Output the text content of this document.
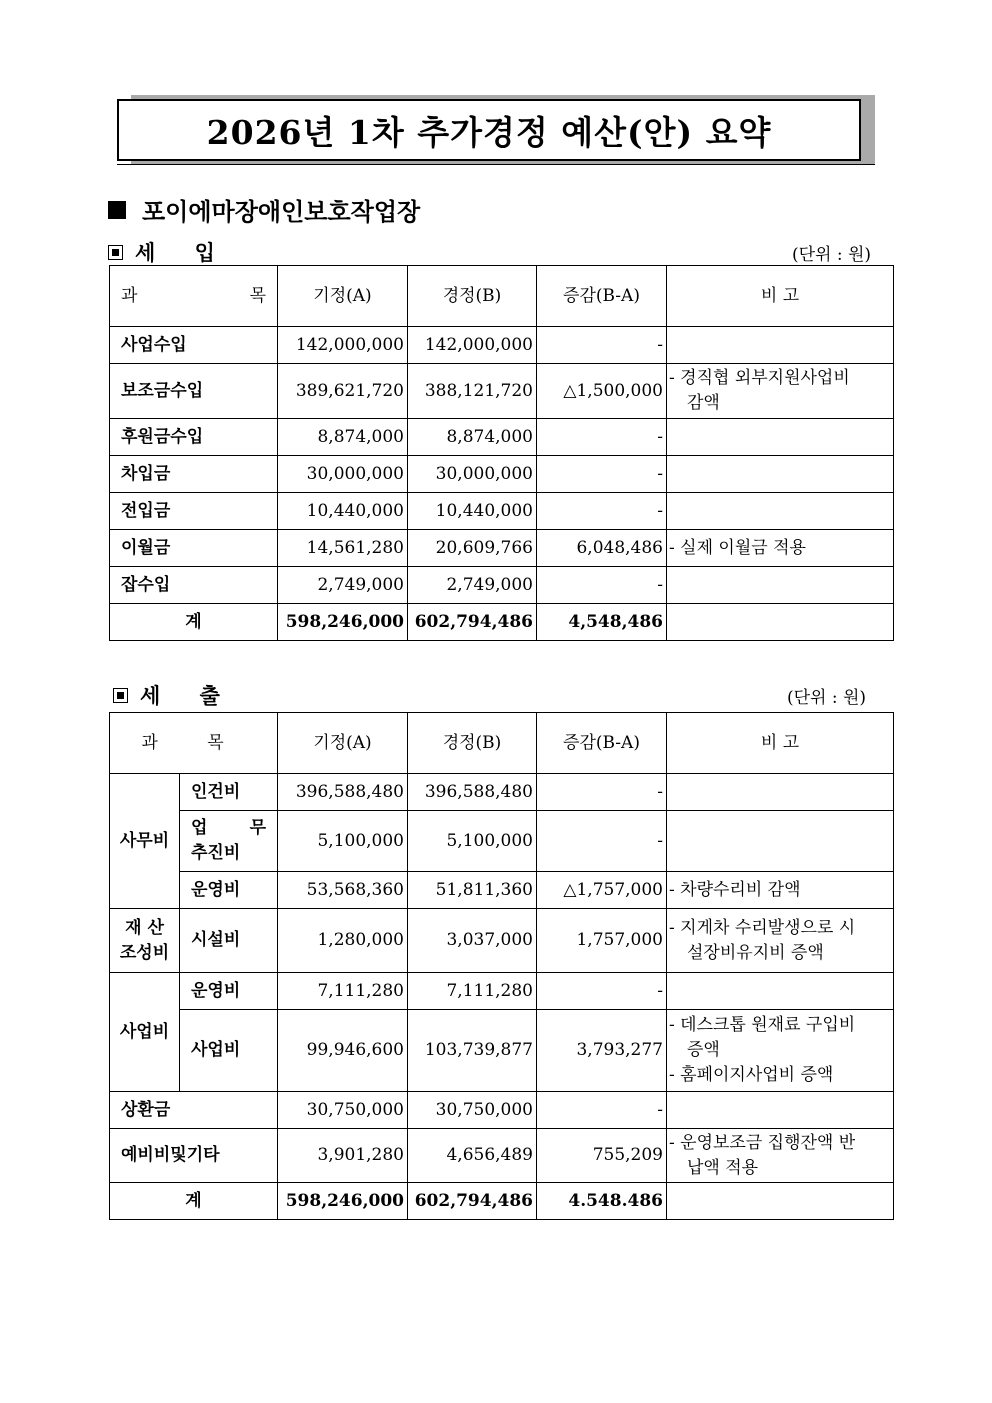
2026년 1차 추가경정 예산(안) 요약
포이에마장애인보호작업장
세 입	(단위 : 원)
과 목	기정(A)	경정(B)	증감(B-A)	비 고

사업수입	142,000,000	142,000,000	-	

보조금수입	389,621,720	388,121,720	△1,500,000	- 경직협 외부지원사업비
감액

후원금수입	8,874,000	8,874,000	-	

차입금	30,000,000	30,000,000	-	

전입금	10,440,000	10,440,000	-	

이월금	14,561,280	20,609,766	6,048,486	- 실제 이월금 적용

잡수입	2,749,000	2,749,000	-	
계	598,246,000	602,794,486	4,548,486	
세 출	(단위 : 원)
과 목		기정(A)	경정(B)	증감(B-A)	비 고
사무비	인건비	396,588,480	396,588,480	-	

	업 무
추진비	5,100,000	5,100,000	-	

	운영비	53,568,360	51,811,360	△1,757,000	- 차량수리비 감액

재 산
조성비	시설비	1,280,000	3,037,000	1,757,000	- 지게차 수리발생으로 시
설장비유지비 증액

사업비	운영비	7,111,280	7,111,280	-	

	사업비	99,946,600	103,739,877	3,793,277	- 데스크톱 원재료 구입비
증액
- 홈페이지사업비 증액

상환금		30,750,000	30,750,000	-	

예비비및기타		3,901,280	4,656,489	755,209	- 운영보조금 집행잔액 반
납액 적용

계		598,246,000	602,794,486	4.548.486	
